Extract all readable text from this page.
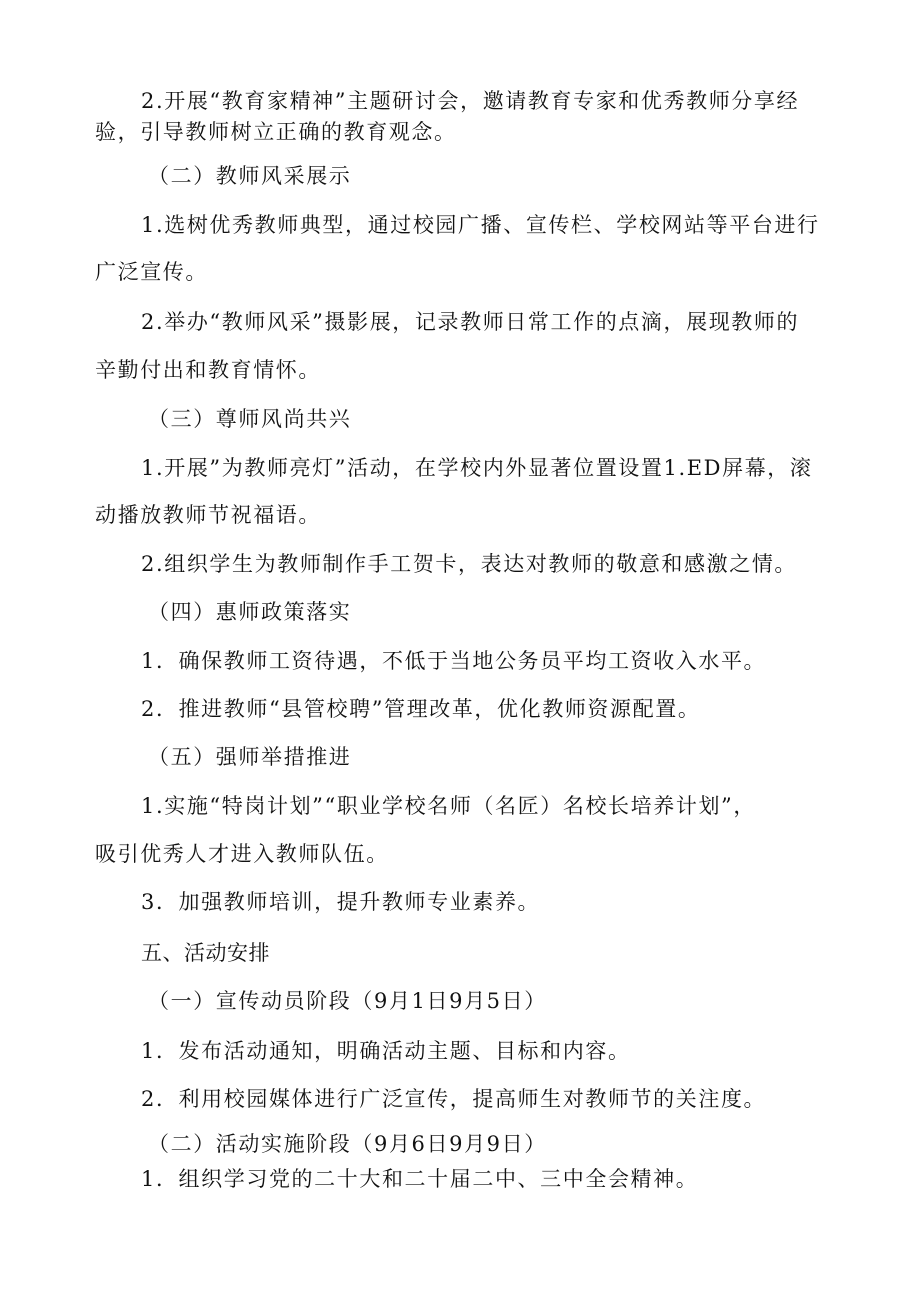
2.开展“教育家精神”主题研讨会，邀请教育专家和优秀教师分享经
验，引导教师树立正确的教育观念。
（二）教师风采展示
1.选树优秀教师典型，通过校园广播、宣传栏、学校网站等平台进行
广泛宣传。
2.举办“教师风采”摄影展，记录教师日常工作的点滴，展现教师的
辛勤付出和教育情怀。
（三）尊师风尚共兴
1.开展”为教师亮灯”活动，在学校内外显著位置设置1.ED屏幕，滚
动播放教师节祝福语。
2.组织学生为教师制作手工贺卡，表达对教师的敬意和感激之情。
（四）惠师政策落实
1．确保教师工资待遇，不低于当地公务员平均工资收入水平。
2．推进教师“县管校聘”管理改革，优化教师资源配置。
（五）强师举措推进
1.实施“特岗计划”“职业学校名师（名匠）名校长培养计划”，
吸引优秀人才进入教师队伍。
3．加强教师培训，提升教师专业素养。
五、活动安排
（一）宣传动员阶段（9月1日9月5日）
1．发布活动通知，明确活动主题、目标和内容。
2．利用校园媒体进行广泛宣传，提高师生对教师节的关注度。
（二）活动实施阶段（9月6日9月9日）
1．组织学习党的二十大和二十届二中、三中全会精神。
